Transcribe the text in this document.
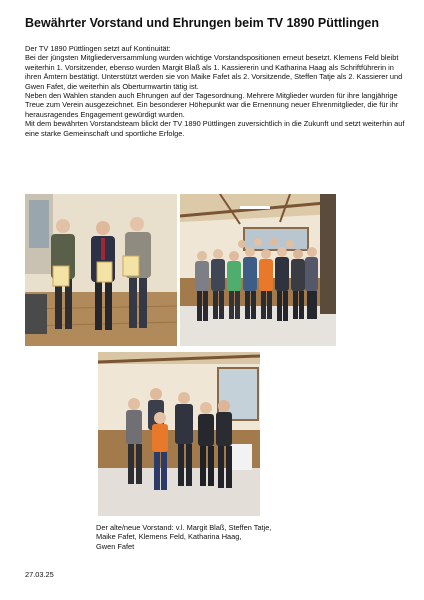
Bewährter Vorstand und Ehrungen beim TV 1890 Püttlingen

Der TV 1890 Püttlingen setzt auf Kontinuität:

Bei der jüngsten Mitgliederversammlung wurden wichtige Vorstandspositionen erneut besetzt. Klemens Feld bleibt weiterhin 1. Vorsitzender, ebenso wurden Margit Blaß als 1. Kassiererin und Katharina Haag als Schriftführerin in ihren Ämtern bestätigt. Unterstützt werden sie von Maike Fafet als 2. Vorsitzende, Steffen Tatje als 2. Kassierer und Gwen Fafet, die weiterhin als Oberturnwartin tätig ist.

Neben den Wahlen standen auch Ehrungen auf der Tagesordnung. Mehrere Mitglieder wurden für ihre langjährige Treue zum Verein ausgezeichnet. Ein besonderer Höhepunkt war die Ernennung neuer Ehrenmitglieder, die für ihr herausragendes Engagement gewürdigt wurden.

Mit dem bewährten Vorstandsteam blickt der TV 1890 Püttlingen zuversichtlich in die Zukunft und setzt weiterhin auf eine starke Gemeinschaft und sportliche Erfolge.

Der alte/neue Vorstand: v.l. Margit Blaß, Steffen Tatje,
Maike Fafet, Klemens Feld, Katharina Haag,
Gwen Fafet
27.03.25
